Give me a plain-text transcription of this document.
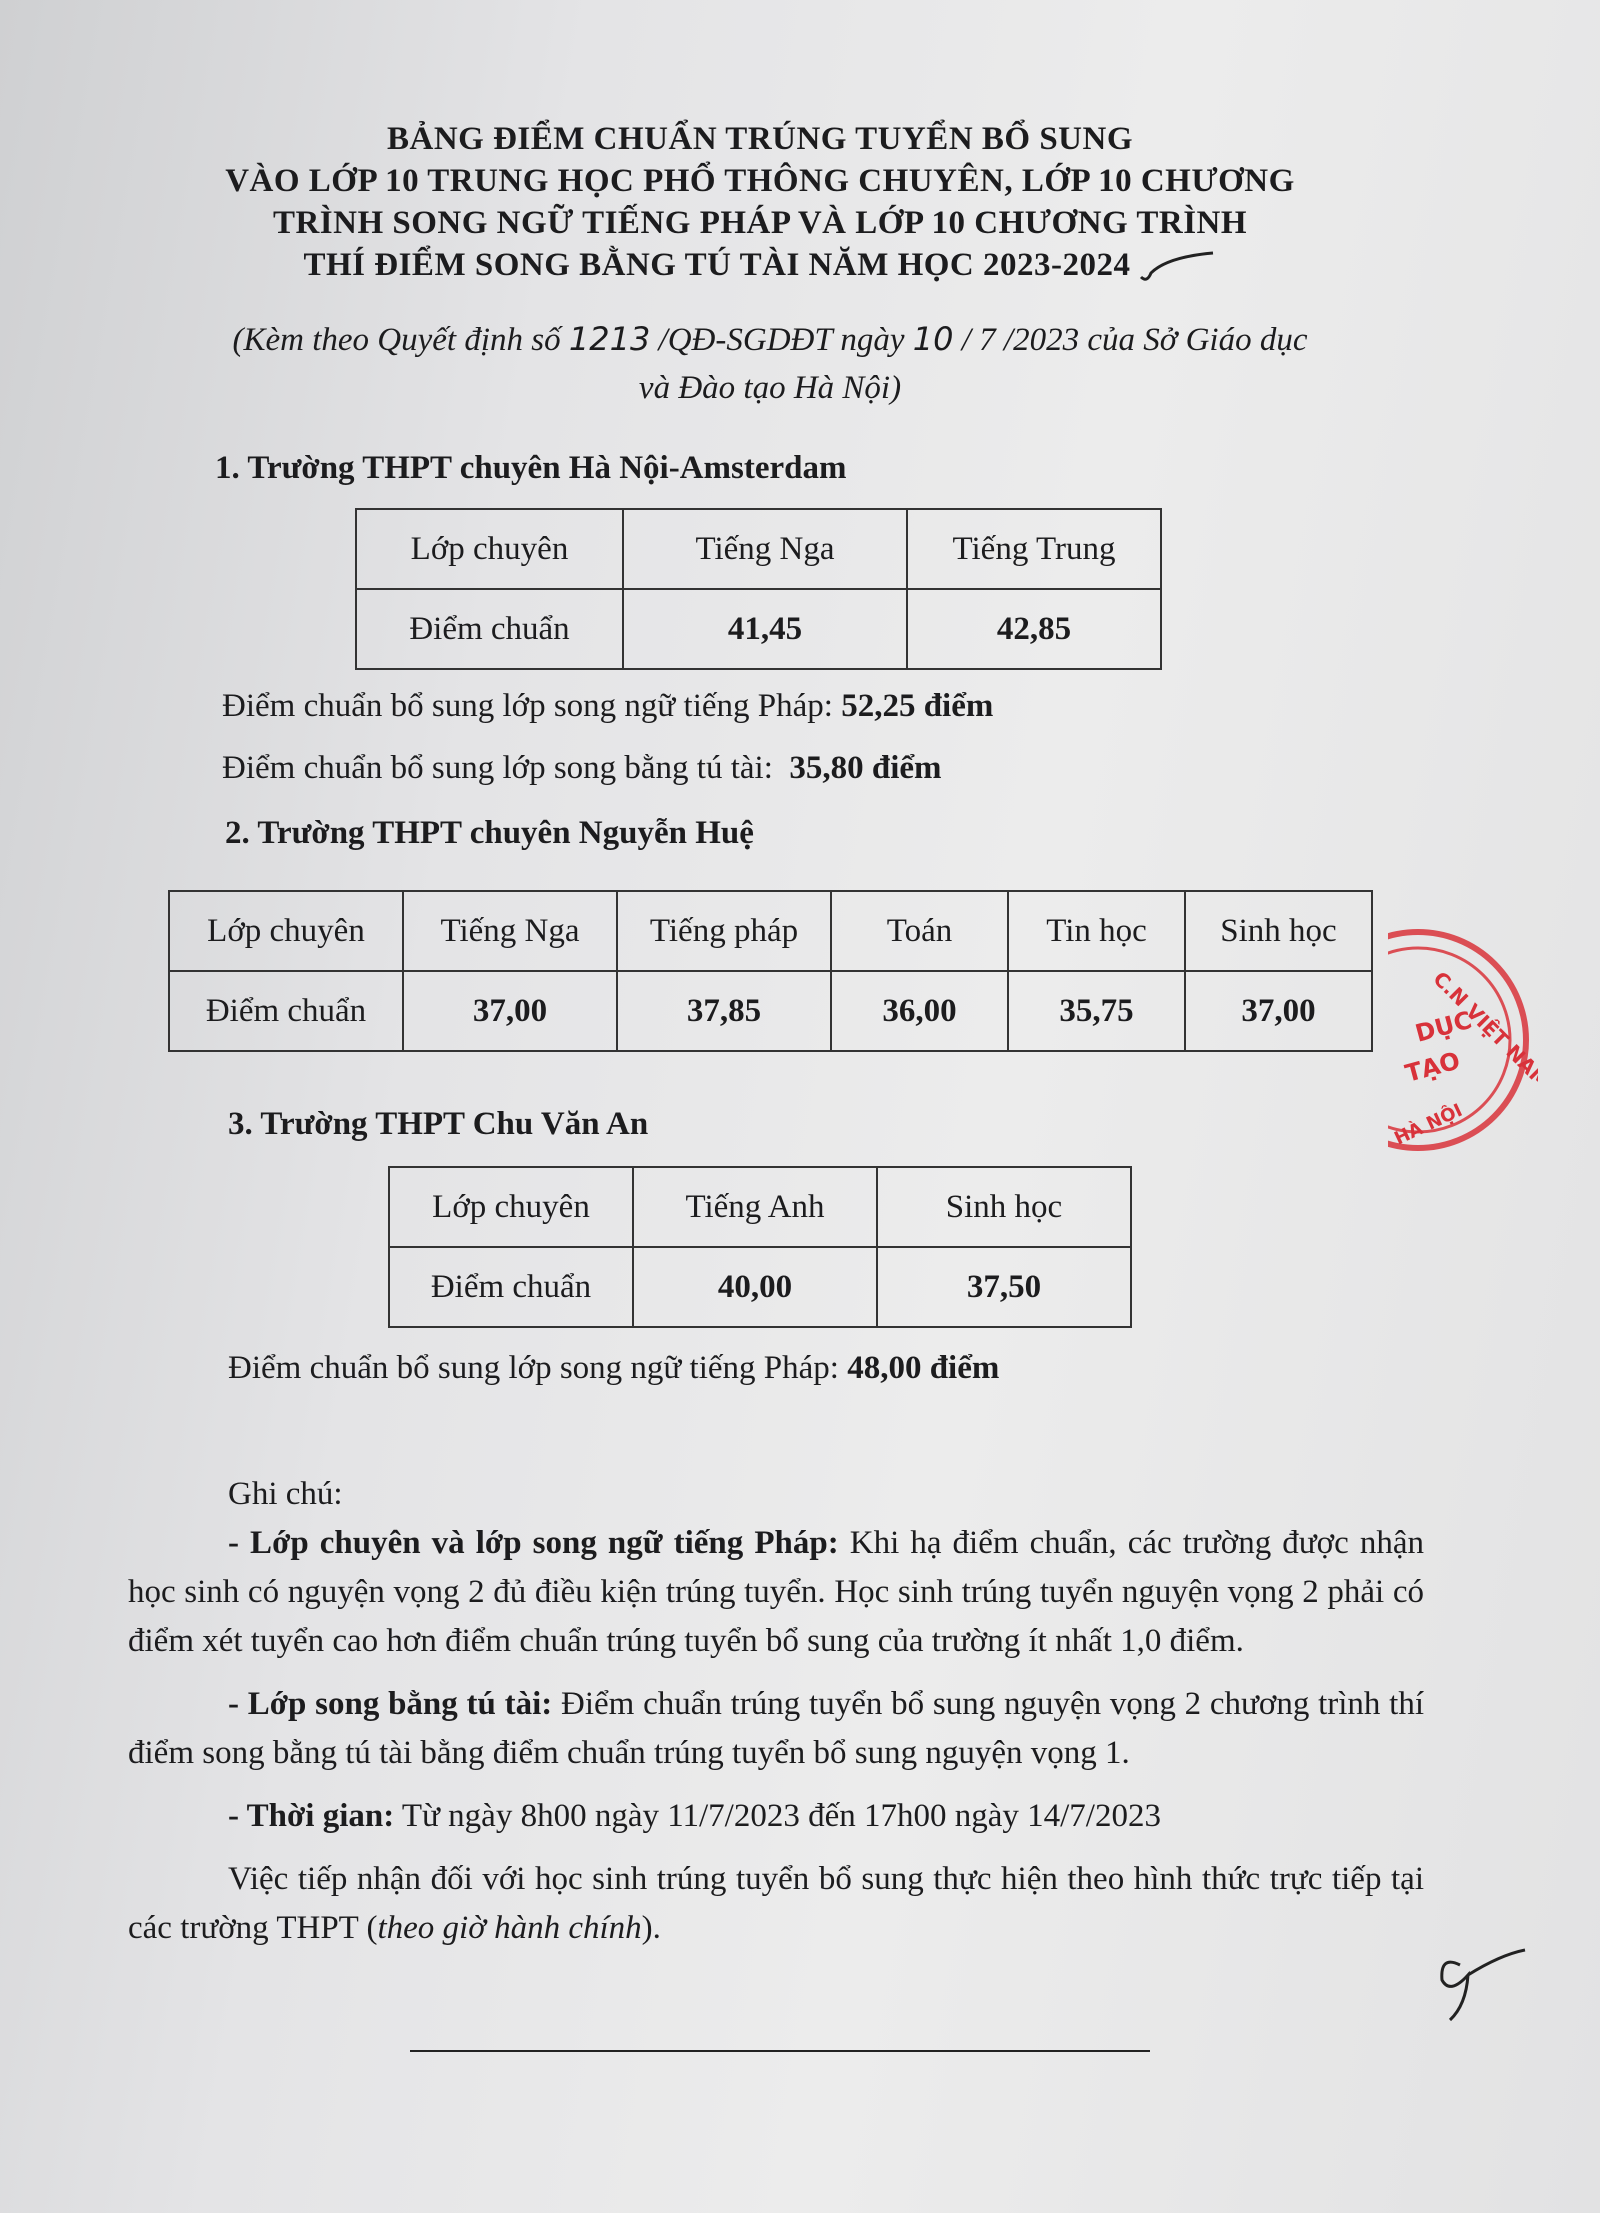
BẢNG ĐIỂM CHUẨN TRÚNG TUYỂN BỔ SUNG
VÀO LỚP 10 TRUNG HỌC PHỔ THÔNG CHUYÊN, LỚP 10 CHƯƠNG
TRÌNH SONG NGỮ TIẾNG PHÁP VÀ LỚP 10 CHƯƠNG TRÌNH
THÍ ĐIỂM SONG BẰNG TÚ TÀI NĂM HỌC 2023-2024
(Kèm theo Quyết định số 1213 /QĐ-SGDĐT ngày 10 / 7 /2023 của Sở Giáo dục
và Đào tạo Hà Nội)
1. Trường THPT chuyên Hà Nội-Amsterdam
Lớp chuyên	Tiếng Nga	Tiếng Trung
Điểm chuẩn	41,45	42,85
Điểm chuẩn bổ sung lớp song ngữ tiếng Pháp: 52,25 điểm
Điểm chuẩn bổ sung lớp song bằng tú tài:  35,80 điểm
2. Trường THPT chuyên Nguyễn Huệ
Lớp chuyên	Tiếng Nga	Tiếng pháp	Toán	Tin học	Sinh học
Điểm chuẩn	37,00	37,85	36,00	35,75	37,00
3. Trường THPT Chu Văn An
Lớp chuyên	Tiếng Anh	Sinh học
Điểm chuẩn	40,00	37,50
Điểm chuẩn bổ sung lớp song ngữ tiếng Pháp: 48,00 điểm

Ghi chú:

- Lớp chuyên và lớp song ngữ tiếng Pháp: Khi hạ điểm chuẩn, các trường được nhận học sinh có nguyện vọng 2 đủ điều kiện trúng tuyển. Học sinh trúng tuyển nguyện vọng 2 phải có điểm xét tuyển cao hơn điểm chuẩn trúng tuyển bổ sung của trường ít nhất 1,0 điểm.

- Lớp song bằng tú tài: Điểm chuẩn trúng tuyển bổ sung nguyện vọng 2 chương trình thí điểm song bằng tú tài bằng điểm chuẩn trúng tuyển bổ sung nguyện vọng 1.

- Thời gian: Từ ngày 8h00 ngày 11/7/2023 đến 17h00 ngày 14/7/2023

Việc tiếp nhận đối với học sinh trúng tuyển bổ sung thực hiện theo hình thức trực tiếp tại các trường THPT (theo giờ hành chính).

C.N VIỆT NAM
DỤC
TẠO
HÀ NỘI
